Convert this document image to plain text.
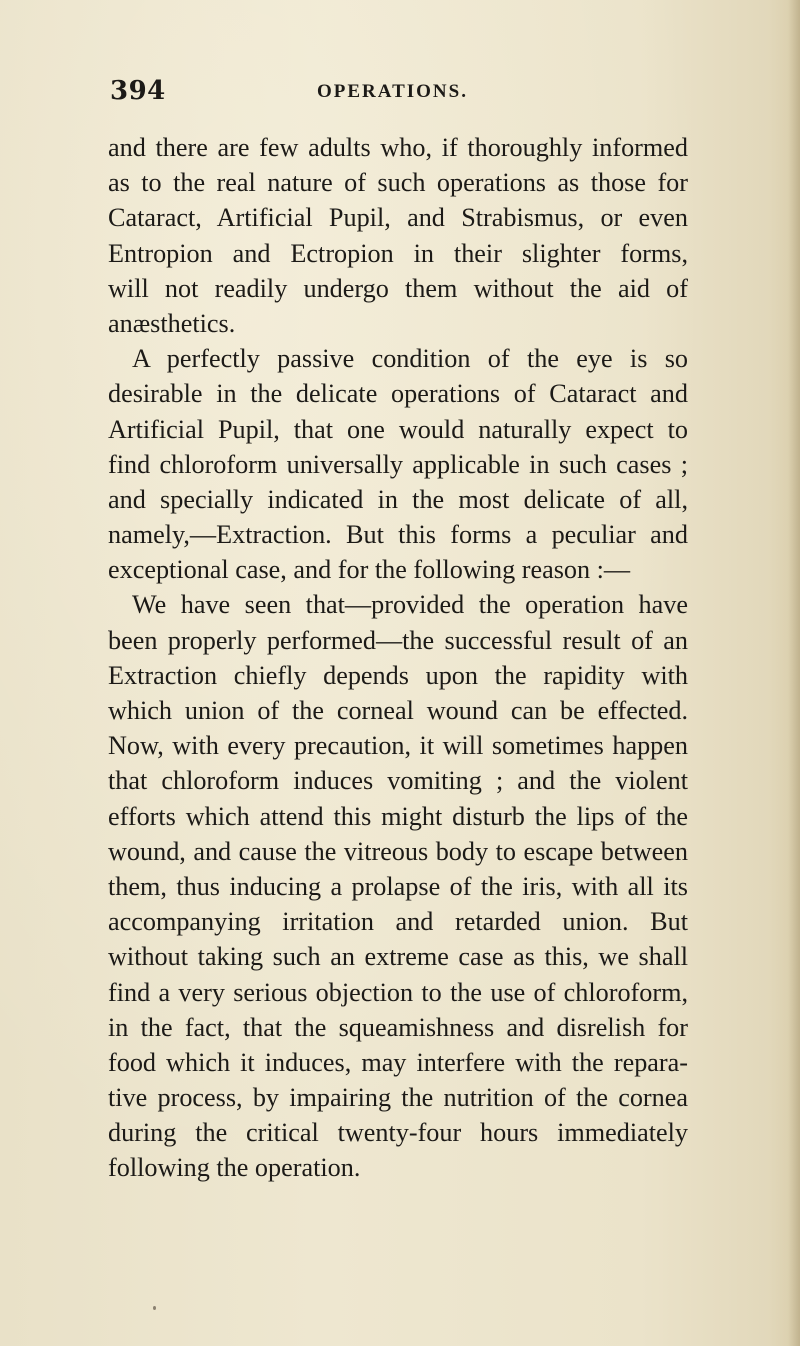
394	OPERATIONS.
and there are few adults who, if thoroughly informed
as to the real nature of such operations as those for
Cataract, Artificial Pupil, and Strabismus, or even
Entropion and Ectropion in their slighter forms,
will not readily undergo them without the aid of
anæsthetics.
A perfectly passive condition of the eye is so
desirable in the delicate operations of Cataract and
Artificial Pupil, that one would naturally expect to
find chloroform universally applicable in such cases ;
and specially indicated in the most delicate of all,
namely,—Extraction. But this forms a peculiar and
exceptional case, and for the following reason :—
We have seen that—provided the operation have
been properly performed—the successful result of an
Extraction chiefly depends upon the rapidity with
which union of the corneal wound can be effected.
Now, with every precaution, it will sometimes happen
that chloroform induces vomiting ; and the violent
efforts which attend this might disturb the lips of the
wound, and cause the vitreous body to escape between
them, thus inducing a prolapse of the iris, with all its
accompanying irritation and retarded union. But
without taking such an extreme case as this, we shall
find a very serious objection to the use of chloroform,
in the fact, that the squeamishness and disrelish for
food which it induces, may interfere with the repara-
tive process, by impairing the nutrition of the cornea
during the critical twenty-four hours immediately
following the operation.
